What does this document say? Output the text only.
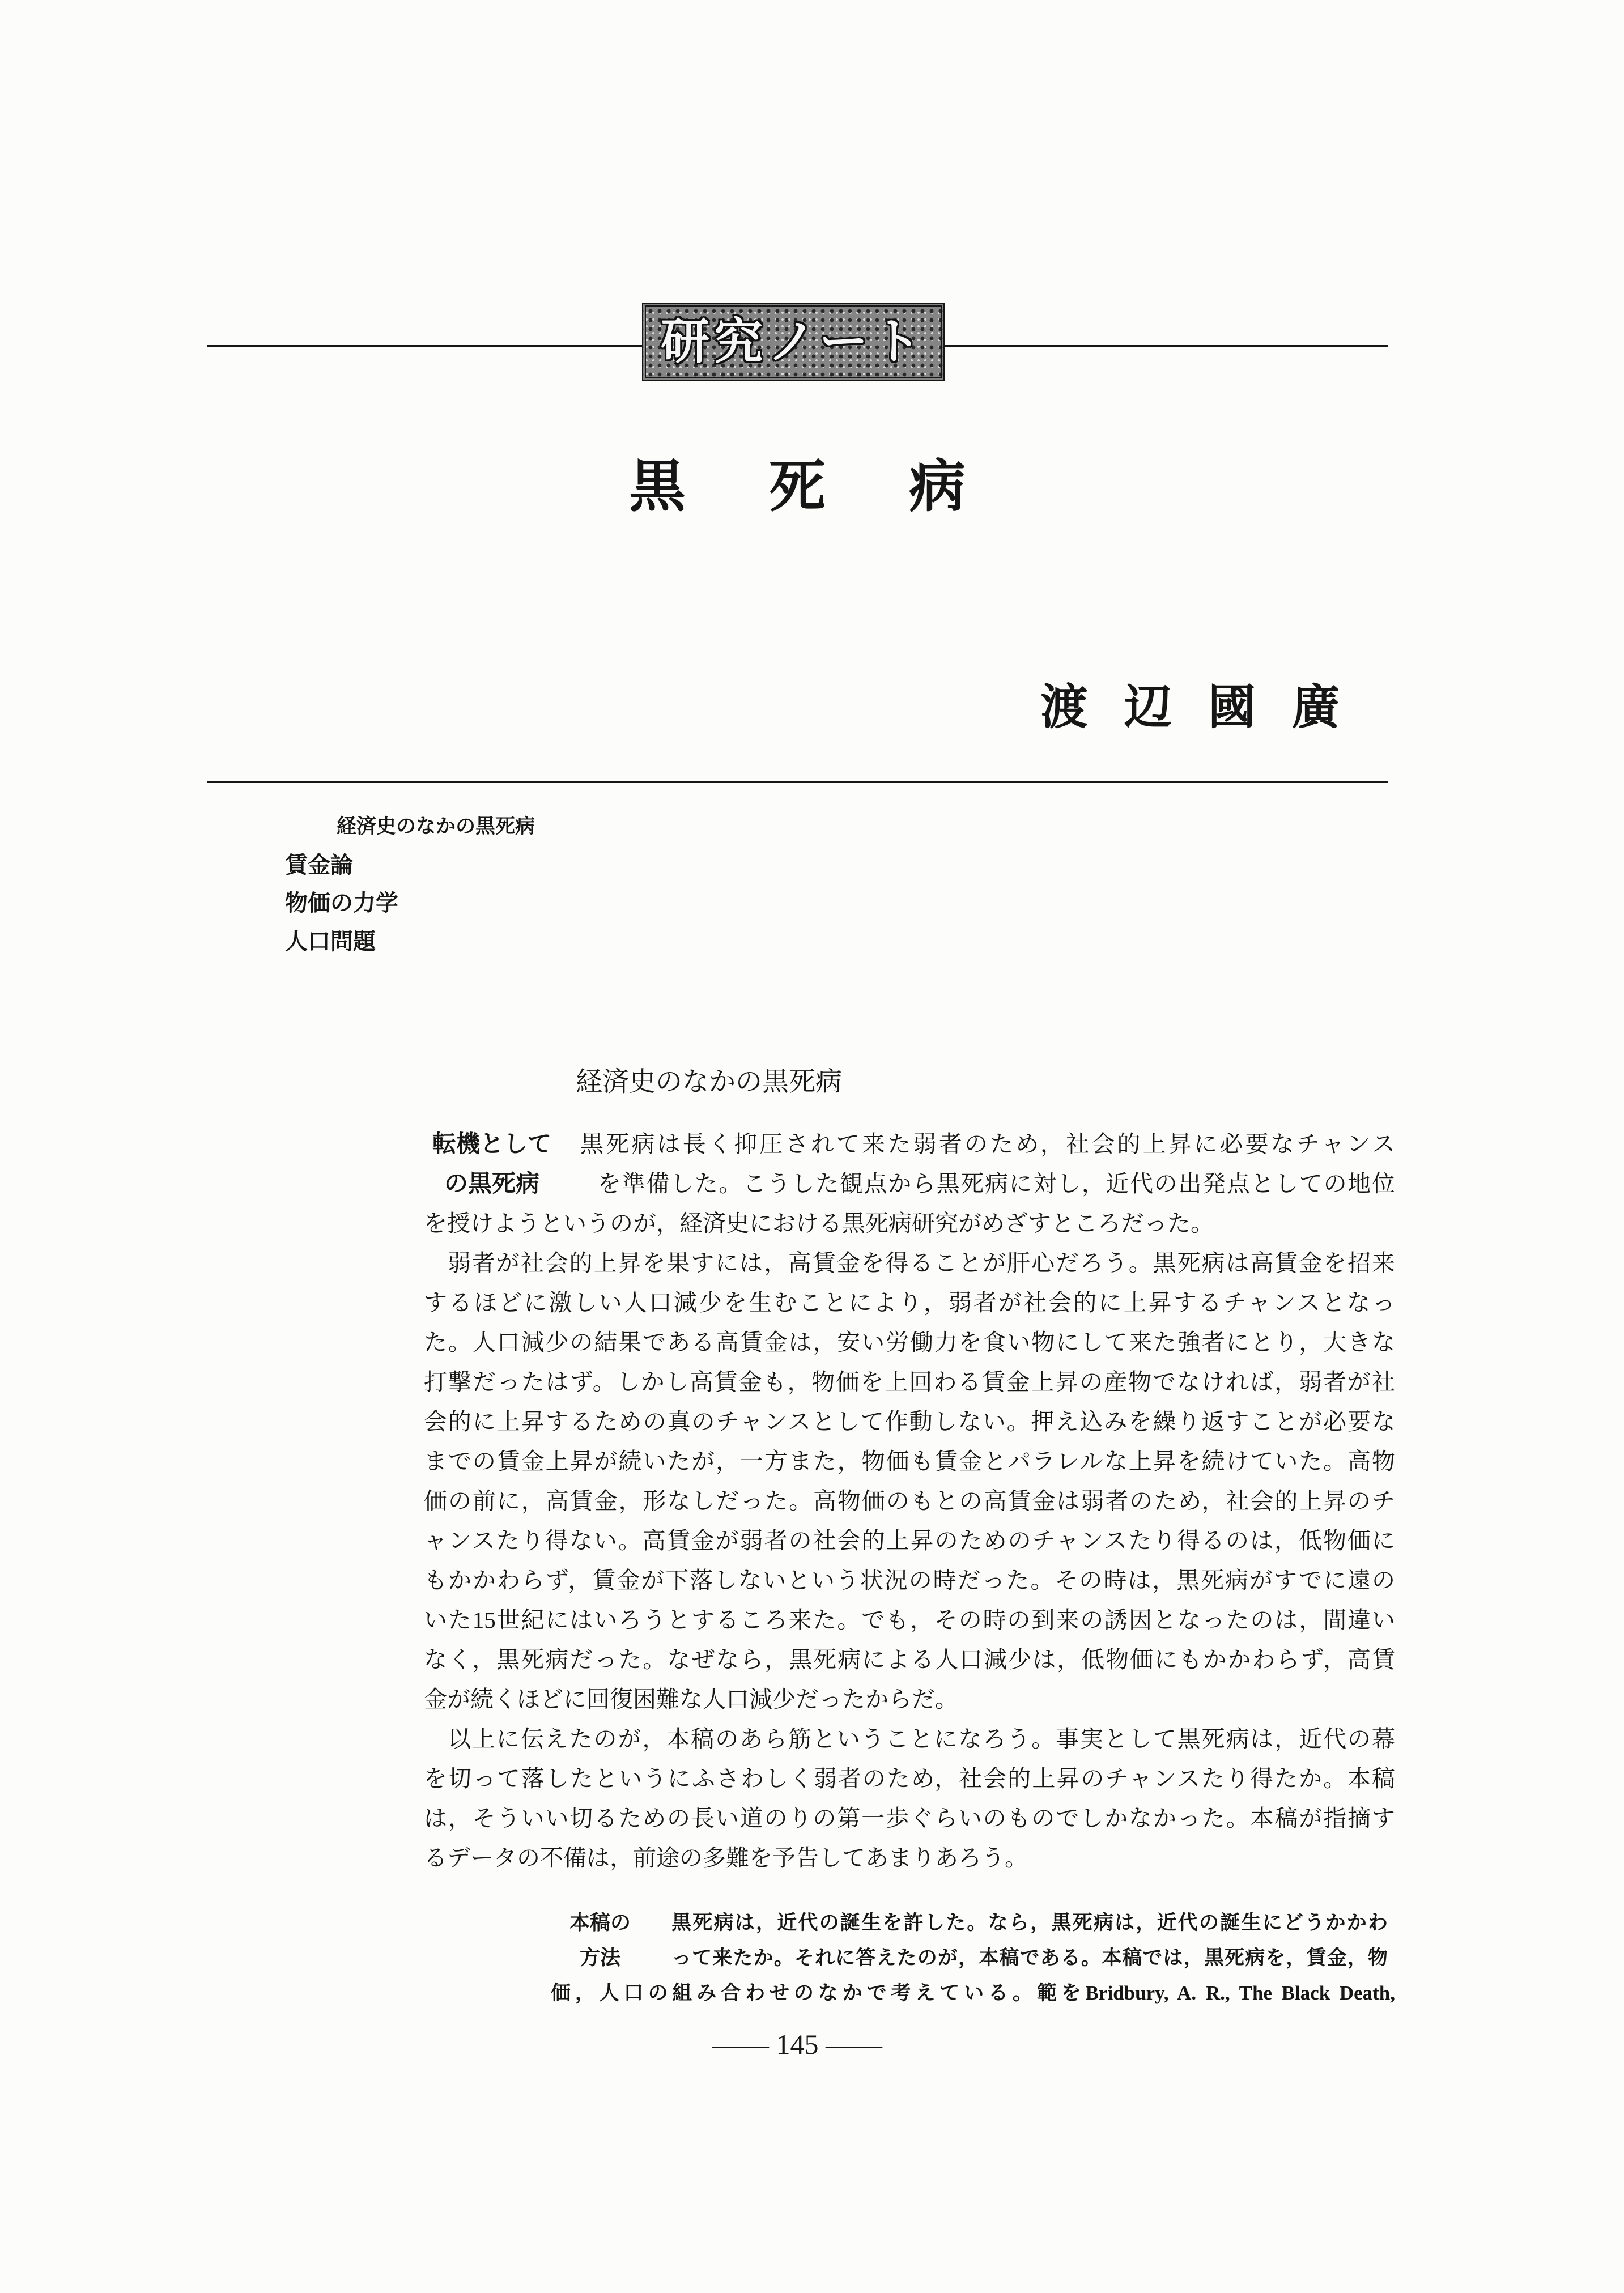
研究ノート
黒死病
渡辺國廣
経済史のなかの黒死病
賃金論
物価の力学
人口問題
経済史のなかの黒死病
転機として	黒死病は長く抑圧されて来た弱者のため，社会的上昇に必要なチャンス
の黒死病	を準備した。こうした観点から黒死病に対し，近代の出発点としての地位
を授けようというのが，経済史における黒死病研究がめざすところだった。
弱者が社会的上昇を果すには，高賃金を得ることが肝心だろう。黒死病は高賃金を招来
するほどに激しい人口減少を生むことにより，弱者が社会的に上昇するチャンスとなっ
た。人口減少の結果である高賃金は，安い労働力を食い物にして来た強者にとり，大きな
打撃だったはず。しかし高賃金も，物価を上回わる賃金上昇の産物でなければ，弱者が社
会的に上昇するための真のチャンスとして作動しない。押え込みを繰り返すことが必要な
までの賃金上昇が続いたが，一方また，物価も賃金とパラレルな上昇を続けていた。高物
価の前に，高賃金，形なしだった。高物価のもとの高賃金は弱者のため，社会的上昇のチ
ャンスたり得ない。高賃金が弱者の社会的上昇のためのチャンスたり得るのは，低物価に
もかかわらず，賃金が下落しないという状況の時だった。その時は，黒死病がすでに遠の
いた15世紀にはいろうとするころ来た。でも，その時の到来の誘因となったのは，間違い
なく，黒死病だった。なぜなら，黒死病による人口減少は，低物価にもかかわらず，高賃
金が続くほどに回復困難な人口減少だったからだ。
以上に伝えたのが，本稿のあら筋ということになろう。事実として黒死病は，近代の幕
を切って落したというにふさわしく弱者のため，社会的上昇のチャンスたり得たか。本稿
は，そういい切るための長い道のりの第一歩ぐらいのものでしかなかった。本稿が指摘す
るデータの不備は，前途の多難を予告してあまりあろう。
本稿の 黒死病は，近代の誕生を許した。なら，黒死病は，近代の誕生にどうかかわ
方法	って来たか。それに答えたのが，本稿である。本稿では，黒死病を，賃金，物
価，人口の組み合わせのなかで考えている。範をBridbury, A. R., The Black Death,
—— 145 ——
